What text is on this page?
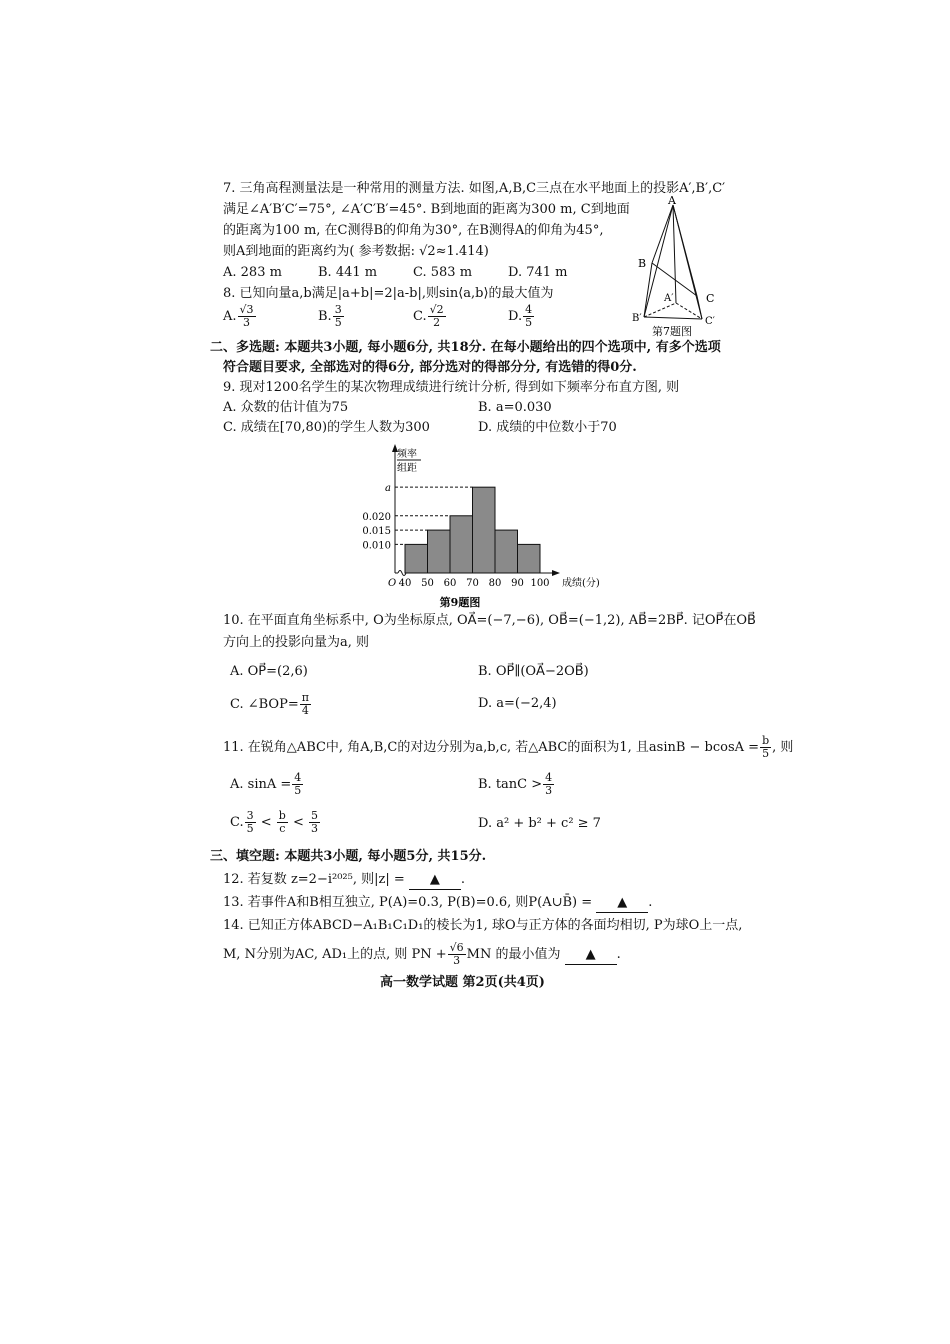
7. 三角高程测量法是一种常用的测量方法. 如图,A,B,C三点在水平地面上的投影A′,B′,C′
满足∠A′B′C′=75°, ∠A′C′B′=45°. B到地面的距离为300 m, C到地面
的距离为100 m, 在C测得B的仰角为30°, 在B测得A的仰角为45°,
则A到地面的距离约为( 参考数据: √2≈1.414)
A. 283 m	B. 441 m	C. 583 m	D. 741 m
A
B
C
A′
B′	C′
第7题图
8. 已知向量a,b满足|a+b|=2|a-b|,则sin⟨a,b⟩的最大值为
A. $\frac{√3}{3}$	B. $\frac{3}{5}$	C. $\frac{√2}{2}$	D. $\frac{4}{5}$
二、多选题: 本题共3小题, 每小题6分, 共18分. 在每小题给出的四个选项中, 有多个选项
符合题目要求, 全部选对的得6分, 部分选对的得部分分, 有选错的得0分.
9. 现对1200名学生的某次物理成绩进行统计分析, 得到如下频率分布直方图, 则
A. 众数的估计值为75	B. a=0.030
C. 成绩在[70,80)的学生人数为300	D. 成绩的中位数小于70
0.010
0.015
0.020
a
40 50 60 70 80 90 100
O
频率
组距
成绩(分)
第9题图
10. 在平面直角坐标系中, O为坐标原点, OA⃗=(−7,−6), OB⃗=(−1,2), AB⃗=2BP⃗. 记OP⃗在OB⃗
方向上的投影向量为a, 则
A. OP⃗=(2,6)	B. OP⃗∥(OA⃗−2OB⃗)
C. ∠BOP= $\frac{\pi}{4}$	D. a=(−2,4)
11. 在锐角△ABC中, 角A,B,C的对边分别为a,b,c, 若△ABC的面积为1, 且$asinB - bcosA = \frac{b}{5}$ , 则
A. $\sin A = \frac{4}{5}$	B. $\tan C > \frac{4}{3}$
C. $\frac{3}{5} < \frac{b}{c} < \frac{5}{3}$	D. a² + b² + c² ≥ 7
三、填空题: 本题共3小题, 每小题5分, 共15分.
12. 若复数 z=2−i²⁰²⁵, 则|z| = ▲ .
13. 若事件A和B相互独立, P(A)=0.3, P(B)=0.6, 则P(A∪B̄) = ▲ .
14. 已知正方体ABCD−A₁B₁C₁D₁的棱长为1, 球O与正方体的各面均相切, P为球O上一点,
M, N分别为AC, AD₁上的点, 则 PN + $\frac{√6}{3}$ MN 的最小值为 ▲ .
高一数学试题 第2页(共4页)
